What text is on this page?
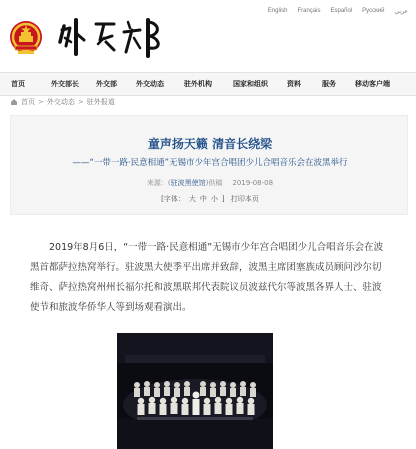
English Français Español Pусский عربي
首页	外交部长 外交部	外交动态	驻外机构	国家和组织	资料	服务	移动客户端
首页 > 外交动态 > 驻外报道
童声扬天籁 清音长绕梁
——“一带一路·民意相通”无锡市少年宫合唱团少儿合唱音乐会在波黑举行
来源：(驻波黑使馆)供稿 2019-08-08
[字体： 大 中 小 ] 打印本页
2019年8月6日，“一带一路·民意相通”无锡市少年宫合唱团少儿合唱音乐会在波黑首都萨拉热窝举行。驻波黑大使季平出席并致辞，波黑主席团塞族成员顾问沙尔切维奇、萨拉热窝州州长福尔托和波黑联邦代表院议员波兹代尔等波黑各界人士、驻波使节和旅波华侨华人等到场观看演出。
